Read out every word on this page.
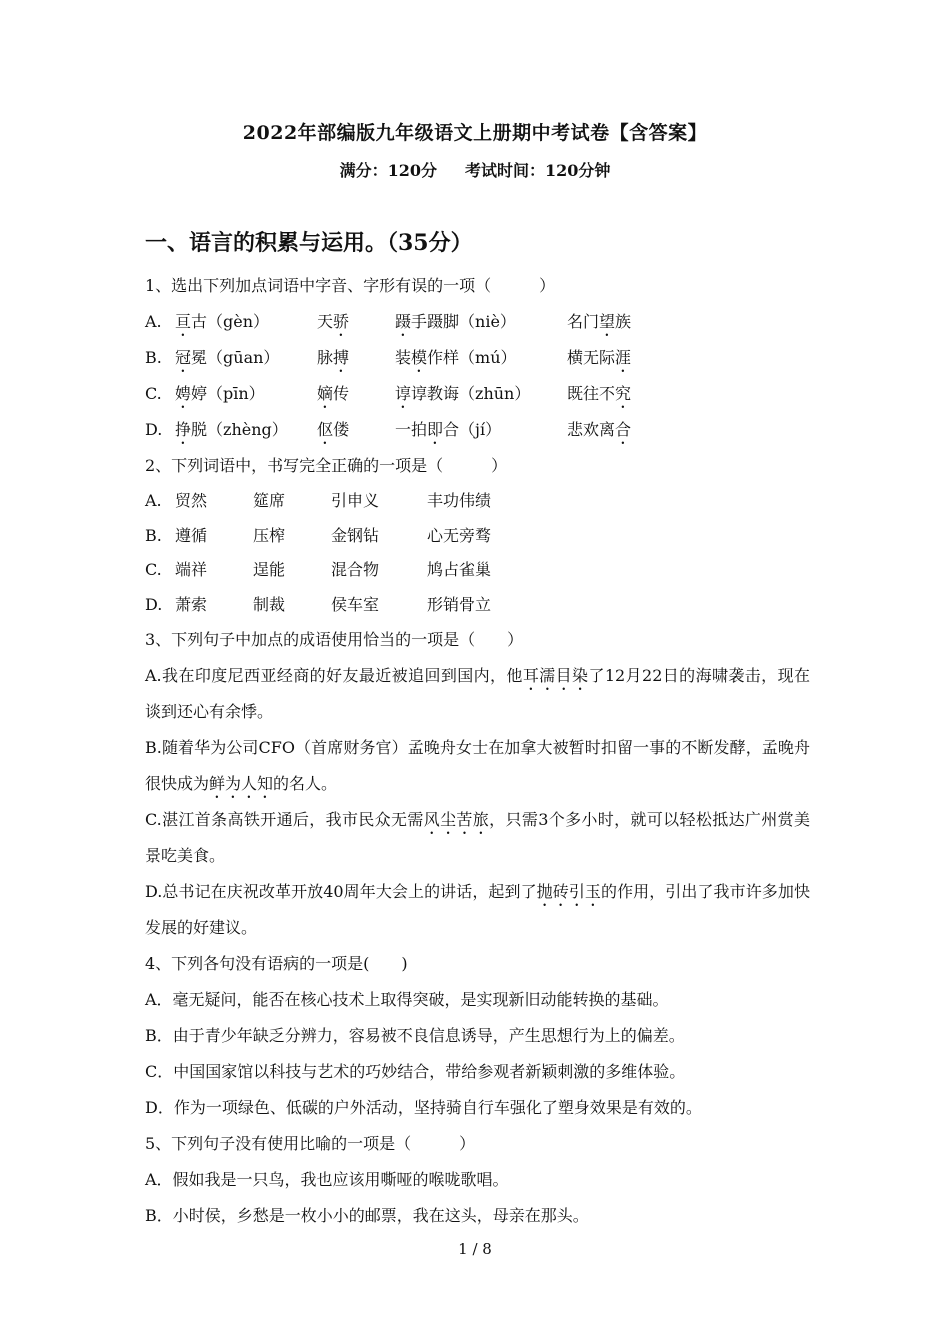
2022年部编版九年级语文上册期中考试卷【含答案】
满分：120分 考试时间：120分钟
一、语言的积累与运用。（35分）
1、选出下列加点词语中字音、字形有误的一项（　　　）
A. 亘古（gèn）	天骄	蹑手蹑脚（niè）	名门望族
B. 冠冕（gūan）	脉搏	装模作样（mú）	横无际涯
C. 娉婷（pīn）	嫡传	谆谆教诲（zhūn）	既往不究
D. 挣脱（zhèng）	伛偻	一拍即合（jí）	悲欢离合
2、下列词语中，书写完全正确的一项是（　　　）
A. 贸然	筵席	引申义	丰功伟绩
B. 遵循	压榨	金钢钻	心无旁骛
C. 端祥	逞能	混合物	鸠占雀巢
D. 萧索	制裁	侯车室	形销骨立
3、下列句子中加点的成语使用恰当的一项是（　　）
A.我在印度尼西亚经商的好友最近被追回到国内，他耳濡目染了12月22日的海啸袭击，现在谈到还心有余悸。
B.随着华为公司CFO（首席财务官）孟晚舟女士在加拿大被暂时扣留一事的不断发酵，孟晚舟很快成为鲜为人知的名人。
C.湛江首条高铁开通后，我市民众无需风尘苦旅，只需3个多小时，就可以轻松抵达广州赏美景吃美食。
D.总书记在庆祝改革开放40周年大会上的讲话，起到了抛砖引玉的作用，引出了我市许多加快发展的好建议。
4、下列各句没有语病的一项是(　　)
A．毫无疑问，能否在核心技术上取得突破，是实现新旧动能转换的基础。
B．由于青少年缺乏分辨力，容易被不良信息诱导，产生思想行为上的偏差。
C．中国国家馆以科技与艺术的巧妙结合，带给参观者新颖刺激的多维体验。
D．作为一项绿色、低碳的户外活动，坚持骑自行车强化了塑身效果是有效的。
5、下列句子没有使用比喻的一项是（　　　）
A．假如我是一只鸟，我也应该用嘶哑的喉咙歌唱。
B．小时侯，乡愁是一枚小小的邮票，我在这头，母亲在那头。
1 / 8
